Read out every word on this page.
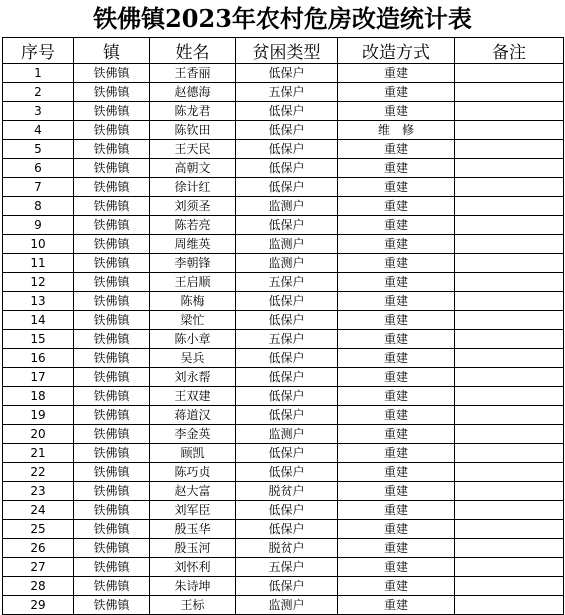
铁佛镇2023年农村危房改造统计表
序号	镇	姓名	贫困类型	改造方式	备注
1	铁佛镇	王香丽	低保户	重建	
2	铁佛镇	赵德海	五保户	重建	
3	铁佛镇	陈龙君	低保户	重建	
4	铁佛镇	陈钦田	低保户	维　修	
5	铁佛镇	王天民	低保户	重建	
6	铁佛镇	高朝文	低保户	重建	
7	铁佛镇	徐计红	低保户	重建	
8	铁佛镇	刘须圣	监测户	重建	
9	铁佛镇	陈若亮	低保户	重建	
10	铁佛镇	周维英	监测户	重建	
11	铁佛镇	李朝锋	监测户	重建	
12	铁佛镇	王启顺	五保户	重建	
13	铁佛镇	陈梅	低保户	重建	
14	铁佛镇	梁忙	低保户	重建	
15	铁佛镇	陈小章	五保户	重建	
16	铁佛镇	吴兵	低保户	重建	
17	铁佛镇	刘永帮	低保户	重建	
18	铁佛镇	王双建	低保户	重建	
19	铁佛镇	蒋道汉	低保户	重建	
20	铁佛镇	李金英	监测户	重建	
21	铁佛镇	顾凯	低保户	重建	
22	铁佛镇	陈巧贞	低保户	重建	
23	铁佛镇	赵大富	脱贫户	重建	
24	铁佛镇	刘军臣	低保户	重建	
25	铁佛镇	殷玉华	低保户	重建	
26	铁佛镇	殷玉河	脱贫户	重建	
27	铁佛镇	刘怀利	五保户	重建	
28	铁佛镇	朱诗坤	低保户	重建	
29	铁佛镇	王标	监测户	重建	
